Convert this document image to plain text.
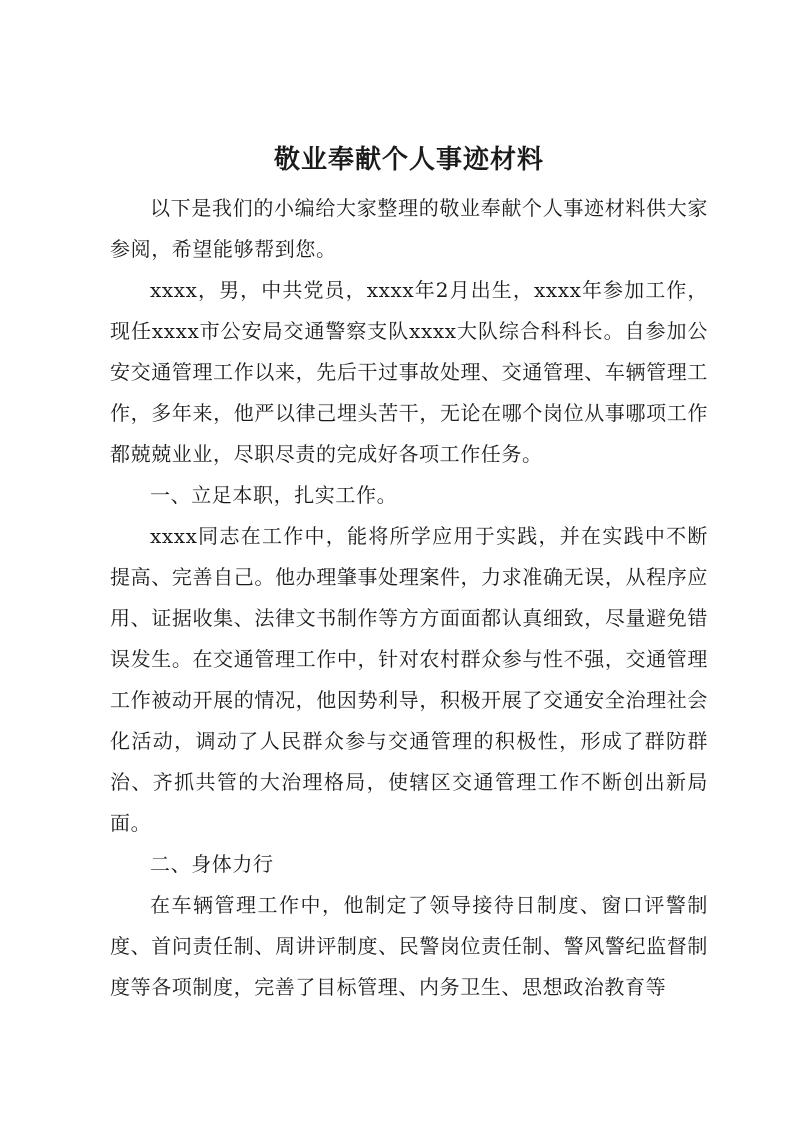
敬业奉献个人事迹材料

以下是我们的小编给大家整理的敬业奉献个人事迹材料供大家参阅，希望能够帮到您。

xxxx，男，中共党员，xxxx年2月出生，xxxx年参加工作，现任xxxx市公安局交通警察支队xxxx大队综合科科长。自参加公安交通管理工作以来，先后干过事故处理、交通管理、车辆管理工作，多年来，他严以律己埋头苦干，无论在哪个岗位从事哪项工作都兢兢业业，尽职尽责的完成好各项工作任务。

一、立足本职，扎实工作。

xxxx同志在工作中，能将所学应用于实践，并在实践中不断提高、完善自己。他办理肇事处理案件，力求准确无误，从程序应用、证据收集、法律文书制作等方方面面都认真细致，尽量避免错误发生。在交通管理工作中，针对农村群众参与性不强，交通管理工作被动开展的情况，他因势利导，积极开展了交通安全治理社会化活动，调动了人民群众参与交通管理的积极性，形成了群防群治、齐抓共管的大治理格局，使辖区交通管理工作不断创出新局面。

二、身体力行

在车辆管理工作中，他制定了领导接待日制度、窗口评警制度、首问责任制、周讲评制度、民警岗位责任制、警风警纪监督制度等各项制度，完善了目标管理、内务卫生、思想政治教育等
